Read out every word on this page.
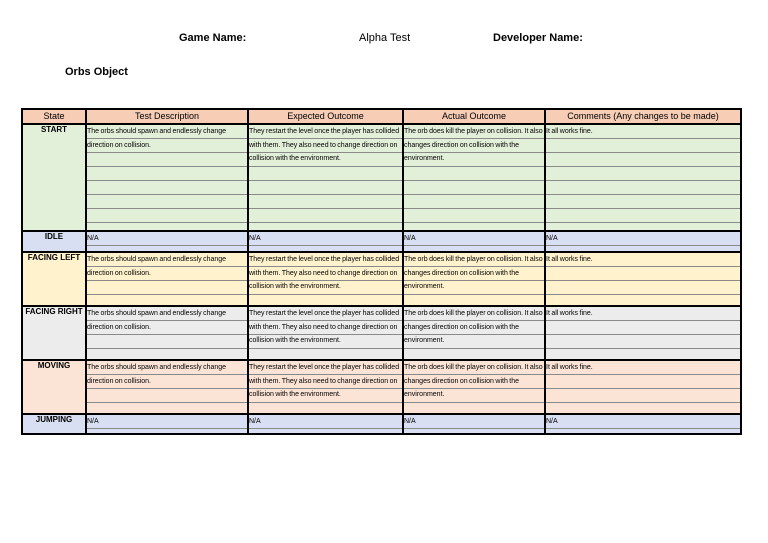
Game Name:	Alpha Test	Developer Name:
Orbs Object
State	Test Description	Expected Outcome	Actual Outcome	Comments (Any changes to be made)
START	The orbs should spawn and endlessly change direction on collision.	They restart the level once the player has collided with them. They also need to change direction on collision with the environment.	The orb does kill the player on collision. It also changes direction on collision with the environment.	It all works fine.
IDLE	N/A	N/A	N/A	N/A
FACING LEFT	The orbs should spawn and endlessly change direction on collision.	They restart the level once the player has collided with them. They also need to change direction on collision with the environment.	The orb does kill the player on collision. It also changes direction on collision with the environment.	It all works fine.
FACING RIGHT	The orbs should spawn and endlessly change direction on collision.	They restart the level once the player has collided with them. They also need to change direction on collision with the environment.	The orb does kill the player on collision. It also changes direction on collision with the environment.	It all works fine.
MOVING	The orbs should spawn and endlessly change direction on collision.	They restart the level once the player has collided with them. They also need to change direction on collision with the environment.	The orb does kill the player on collision. It also changes direction on collision with the environment.	It all works fine.
JUMPING	N/A	N/A	N/A	N/A
